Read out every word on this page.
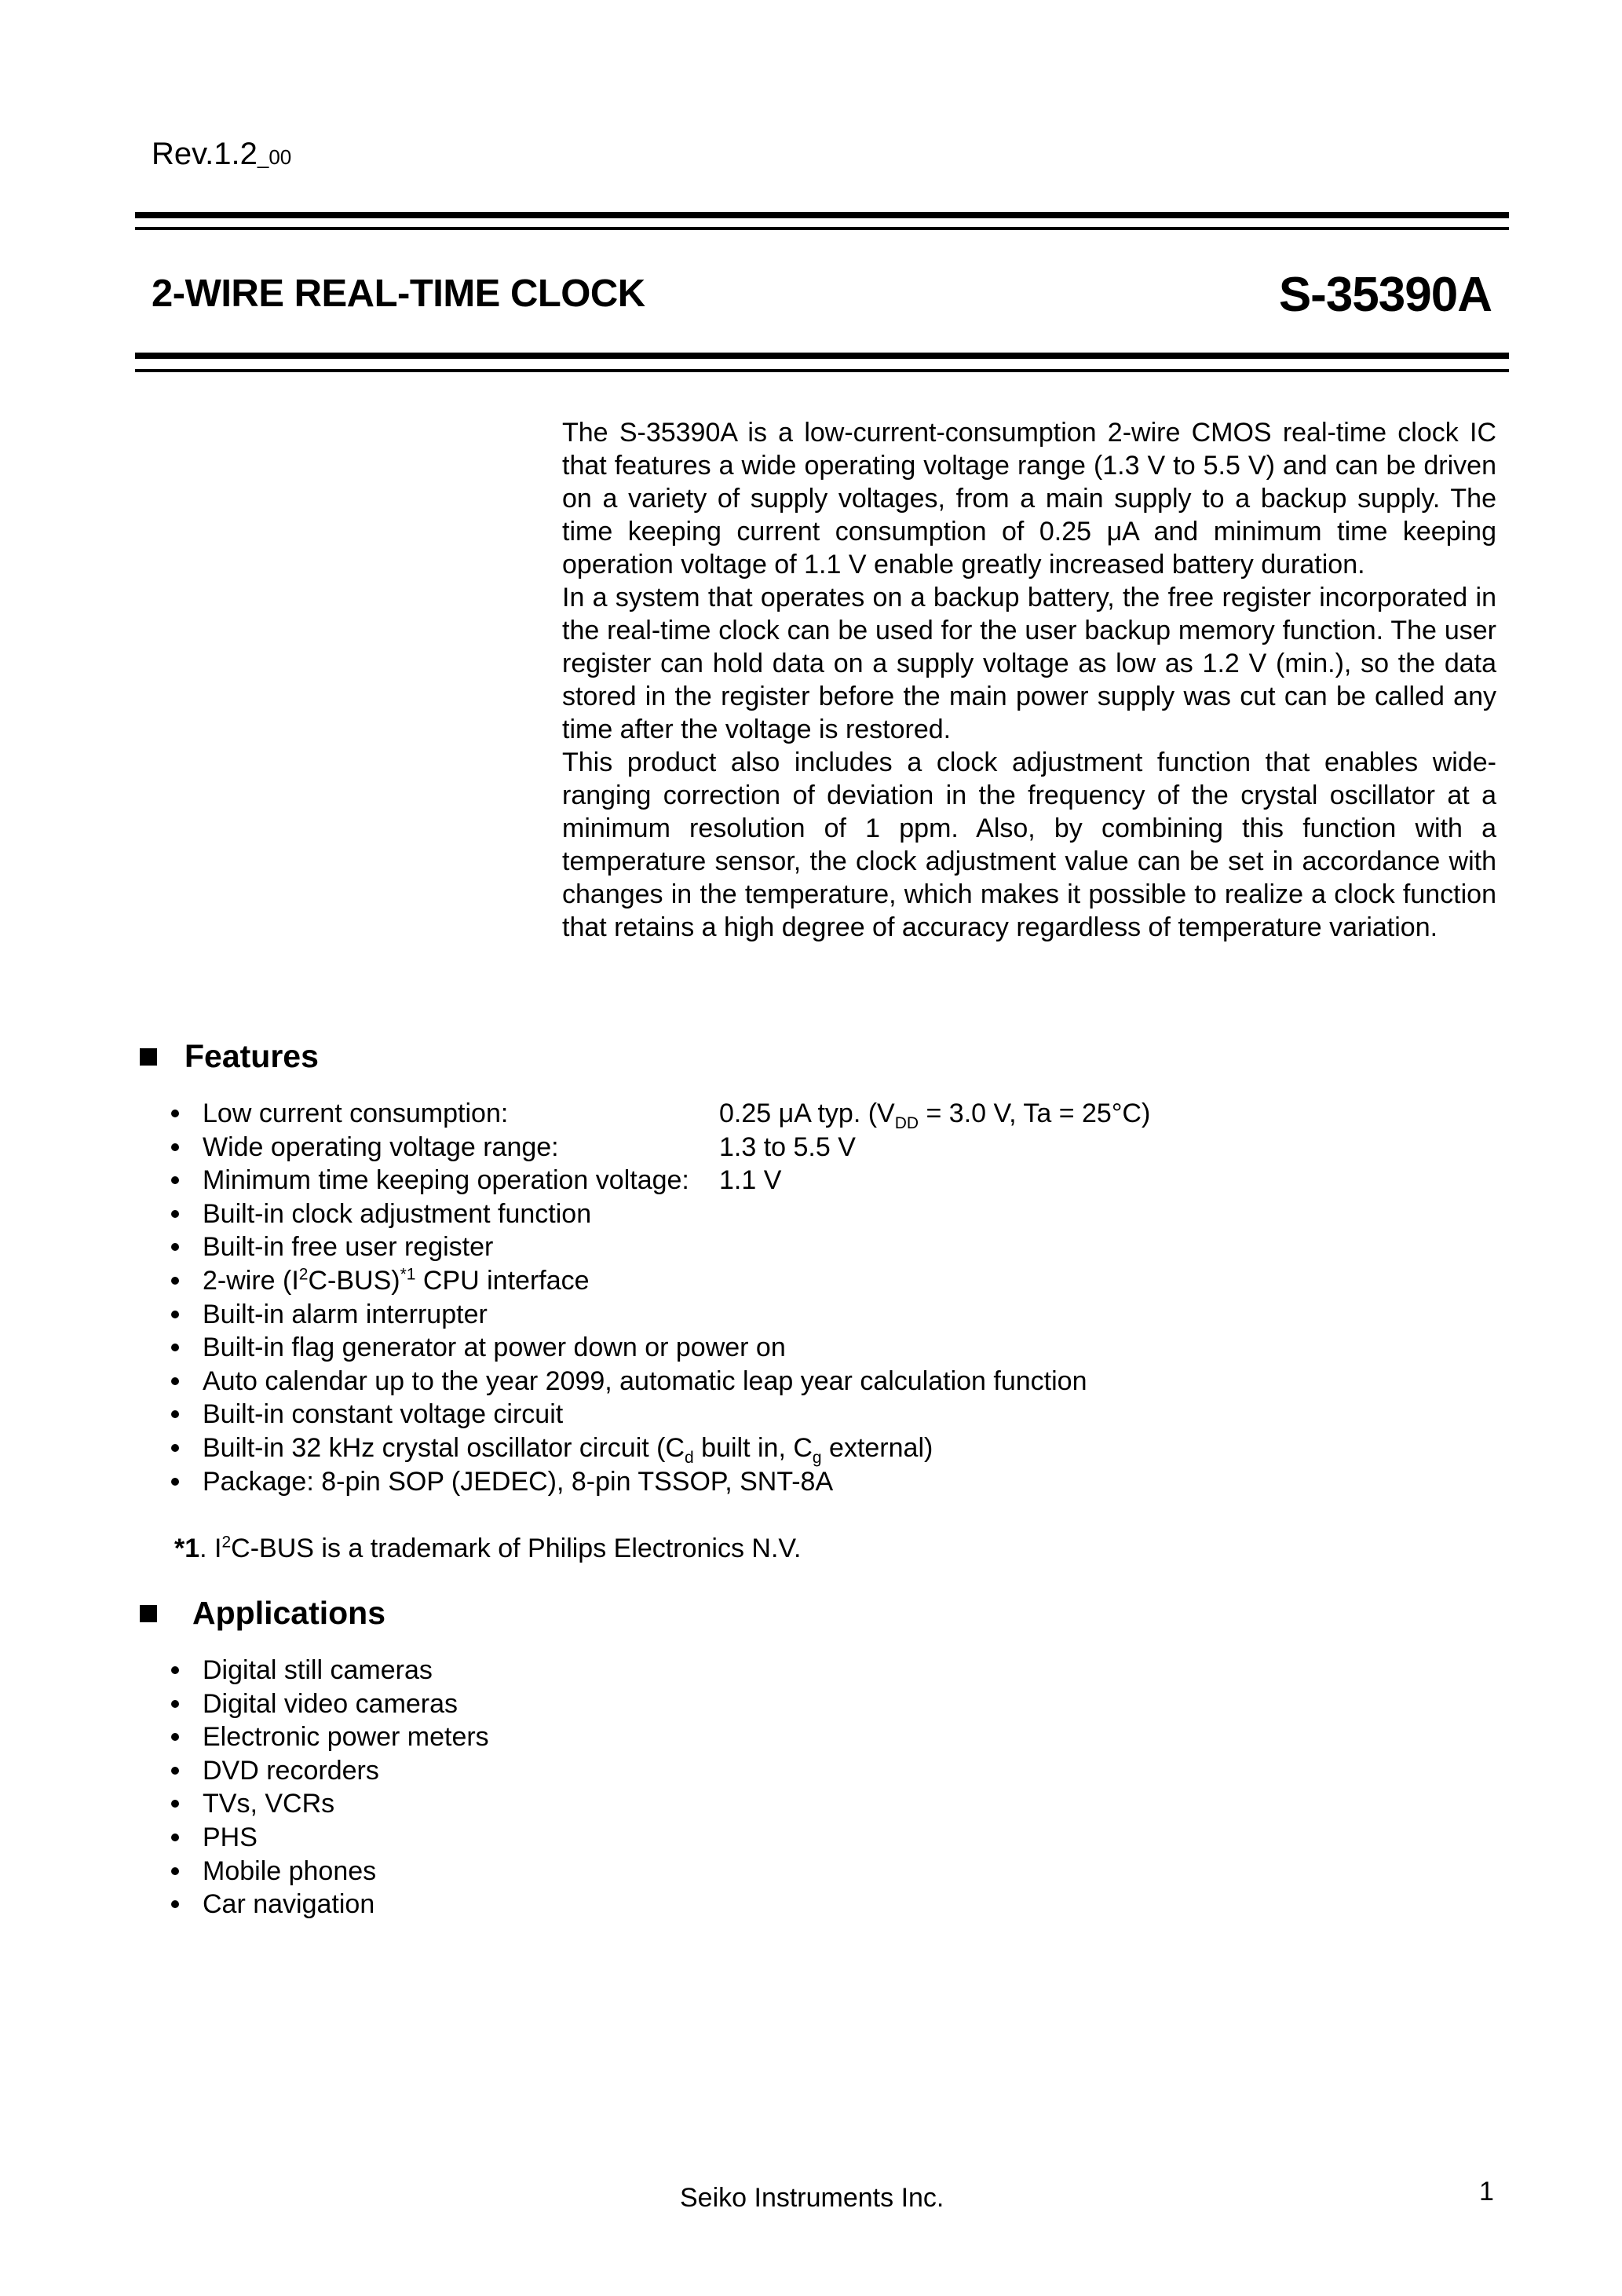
Rev.1.2_00
2-WIRE REAL-TIME CLOCK	S-35390A

The S-35390A is a low-current-consumption 2-wire CMOS real-time clock IC that features a wide operating voltage range (1.3 V to 5.5 V) and can be driven on a variety of supply voltages, from a main supply to a backup supply. The time keeping current consumption of 0.25 μA and minimum time keeping operation voltage of 1.1 V enable greatly increased battery duration.

In a system that operates on a backup battery, the free register incorporated in the real-time clock can be used for the user backup memory function. The user register can hold data on a supply voltage as low as 1.2 V (min.), so the data stored in the register before the main power supply was cut can be called any time after the voltage is restored.

This product also includes a clock adjustment function that enables wide-ranging correction of deviation in the frequency of the crystal oscillator at a minimum resolution of 1 ppm. Also, by combining this function with a temperature sensor, the clock adjustment value can be set in accordance with changes in the temperature, which makes it possible to realize a clock function that retains a high degree of accuracy regardless of temperature variation.

Features
Low current consumption:	0.25 μA typ. ($V_{DD} = 3.0$ V, Ta = 25°C)
Wide operating voltage range:	1.3 to 5.5 V
Minimum time keeping operation voltage: 1.1 V
Built-in clock adjustment function
Built-in free user register
2-wire $(I^2C-BUS)^{*1}$ CPU interface
Built-in alarm interrupter
Built-in flag generator at power down or power on
Auto calendar up to the year 2099, automatic leap year calculation function
Built-in constant voltage circuit
Built-in 32 kHz crystal oscillator circuit ($C_d$ built in, $C_g$ external)
Package: 8-pin SOP (JEDEC), 8-pin TSSOP, SNT-8A
*1. $I^2C$-BUS is a trademark of Philips Electronics N.V.
Applications
Digital still cameras
Digital video cameras
Electronic power meters
DVD recorders
TVs, VCRs
PHS
Mobile phones
Car navigation
Seiko Instruments Inc.	1
